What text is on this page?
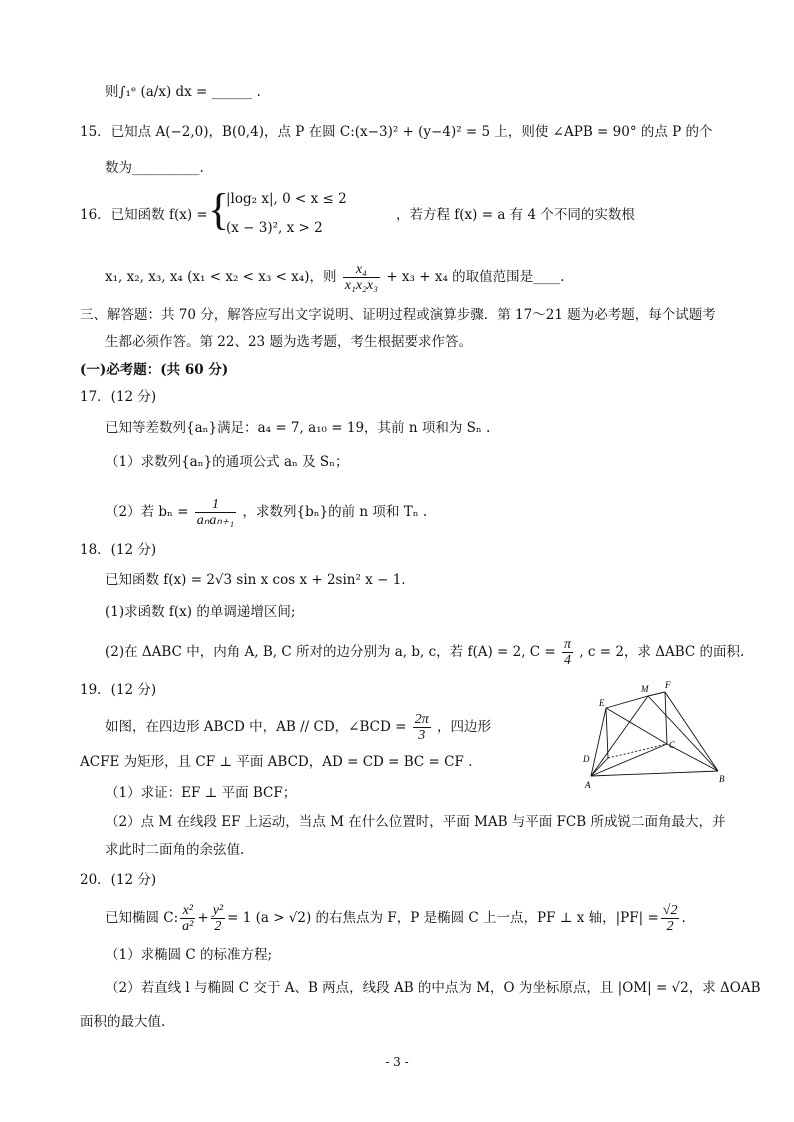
则∫₁ᵉ (a/x) dx = ______ .
15．已知点 A(−2,0)，B(0,4)，点 P 在圆 C:(x−3)² + (y−4)² = 5 上，则使 ∠APB = 90° 的点 P 的个
数为__________.
16．已知函数 f(x) = {
|log₂ x|, 0 < x ≤ 2
(x − 3)², x > 2
，若方程 f(x) = a 有 4 个不同的实数根
x₁, x₂, x₃, x₄ (x₁ < x₂ < x₃ < x₄)，则 $\frac{\text{x₄}}{\text{x₁x₂x₃}} + x_3 + x_4$ 的取值范围是____.
三、解答题：共 70 分，解答应写出文字说明、证明过程或演算步骤．第 17～21 题为必考题，每个试题考
生都必须作答。第 22、23 题为选考题，考生根据要求作答。
(一)必考题：(共 60 分)
17．(12 分)
已知等差数列{aₙ}满足：a₄ = 7, a₁₀ = 19，其前 n 项和为 Sₙ .
（1）求数列{aₙ}的通项公式 aₙ 及 Sₙ；
（2）若 $b_n = \frac{1}{\text{aₙaₙ₊₁}}$ ，求数列{bₙ}的前 n 项和 Tₙ .
18．(12 分)
已知函数 f(x) = 2√3 sin x cos x + 2sin² x − 1.
(1)求函数 f(x) 的单调递增区间;
(2)在 ΔABC 中，内角 A, B, C 所对的边分别为 a, b, c，若 f(A) = 2, $C = \frac{\pi}{4}$ , c = 2，求 ΔABC 的面积.
19．(12 分)
如图，在四边形 ABCD 中，AB // CD，∠BCD = $\frac{2\pi}{3}$ ，四边形
ACFE 为矩形，且 CF ⊥ 平面 ABCD，AD = CD = BC = CF .
（1）求证：EF ⊥ 平面 BCF；
（2）点 M 在线段 EF 上运动，当点 M 在什么位置时，平面 MAB 与平面 FCB 所成锐二面角最大，并
求此时二面角的余弦值.
M F
E
C
D
A
B
20．(12 分)
已知椭圆 C: $\frac{\text{x²}}{\text{a²}} + \frac{\text{y²}}{2} = 1$ (a > √2) 的右焦点为 F，P 是椭圆 C 上一点，PF ⊥ x 轴，$|PF| = \frac{√2}{2}$ .
（1）求椭圆 C 的标准方程;
（2）若直线 l 与椭圆 C 交于 A、B 两点，线段 AB 的中点为 M，O 为坐标原点，且 |OM| = √2，求 ΔOAB
面积的最大值.
- 3 -
